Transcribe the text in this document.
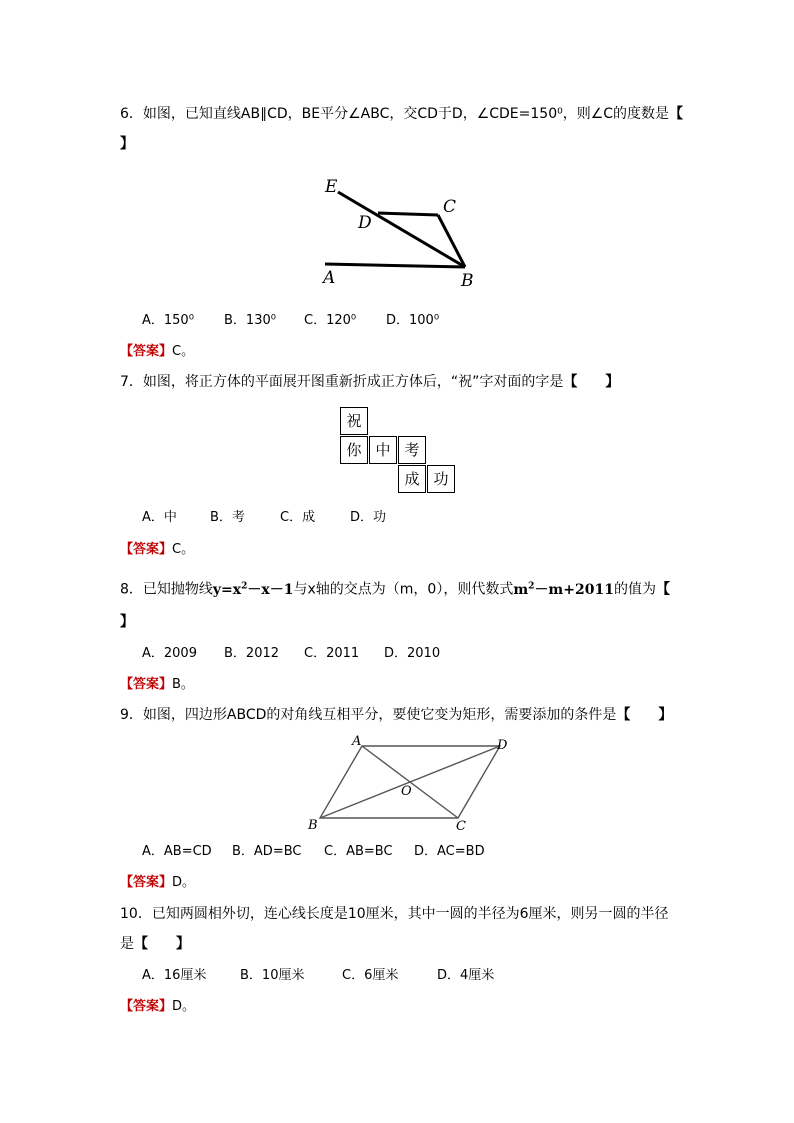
6．如图，已知直线AB∥CD，BE平分∠ABC，交CD于D，∠CDE=150⁰，则∠C的度数是【
】
E
D
C
A	B
A．150⁰ B．130⁰ C．120⁰ D．100⁰
【答案】C。
7．如图，将正方体的平面展开图重新折成正方体后，“祝”字对面的字是【　　】
祝
你 中 考
成 功
A．中	B．考	C．成	D．功
【答案】C。
8．已知抛物线$y=x^2-x-1$与x轴的交点为（m，0），则代数式$m^2-m+2011$的值为【
】
A．2009 B．2012 C．2011 D．2010
【答案】B。
9．如图，四边形ABCD的对角线互相平分，要使它变为矩形，需要添加的条件是【　　】
A	D
O
B	C
A．AB=CD B．AD=BC C．AB=BC D．AC=BD
【答案】D。
10．已知两圆相外切，连心线长度是10厘米，其中一圆的半径为6厘米，则另一圆的半径
是【　　】
A．16厘米	B．10厘米	C．6厘米	D．4厘米
【答案】D。
